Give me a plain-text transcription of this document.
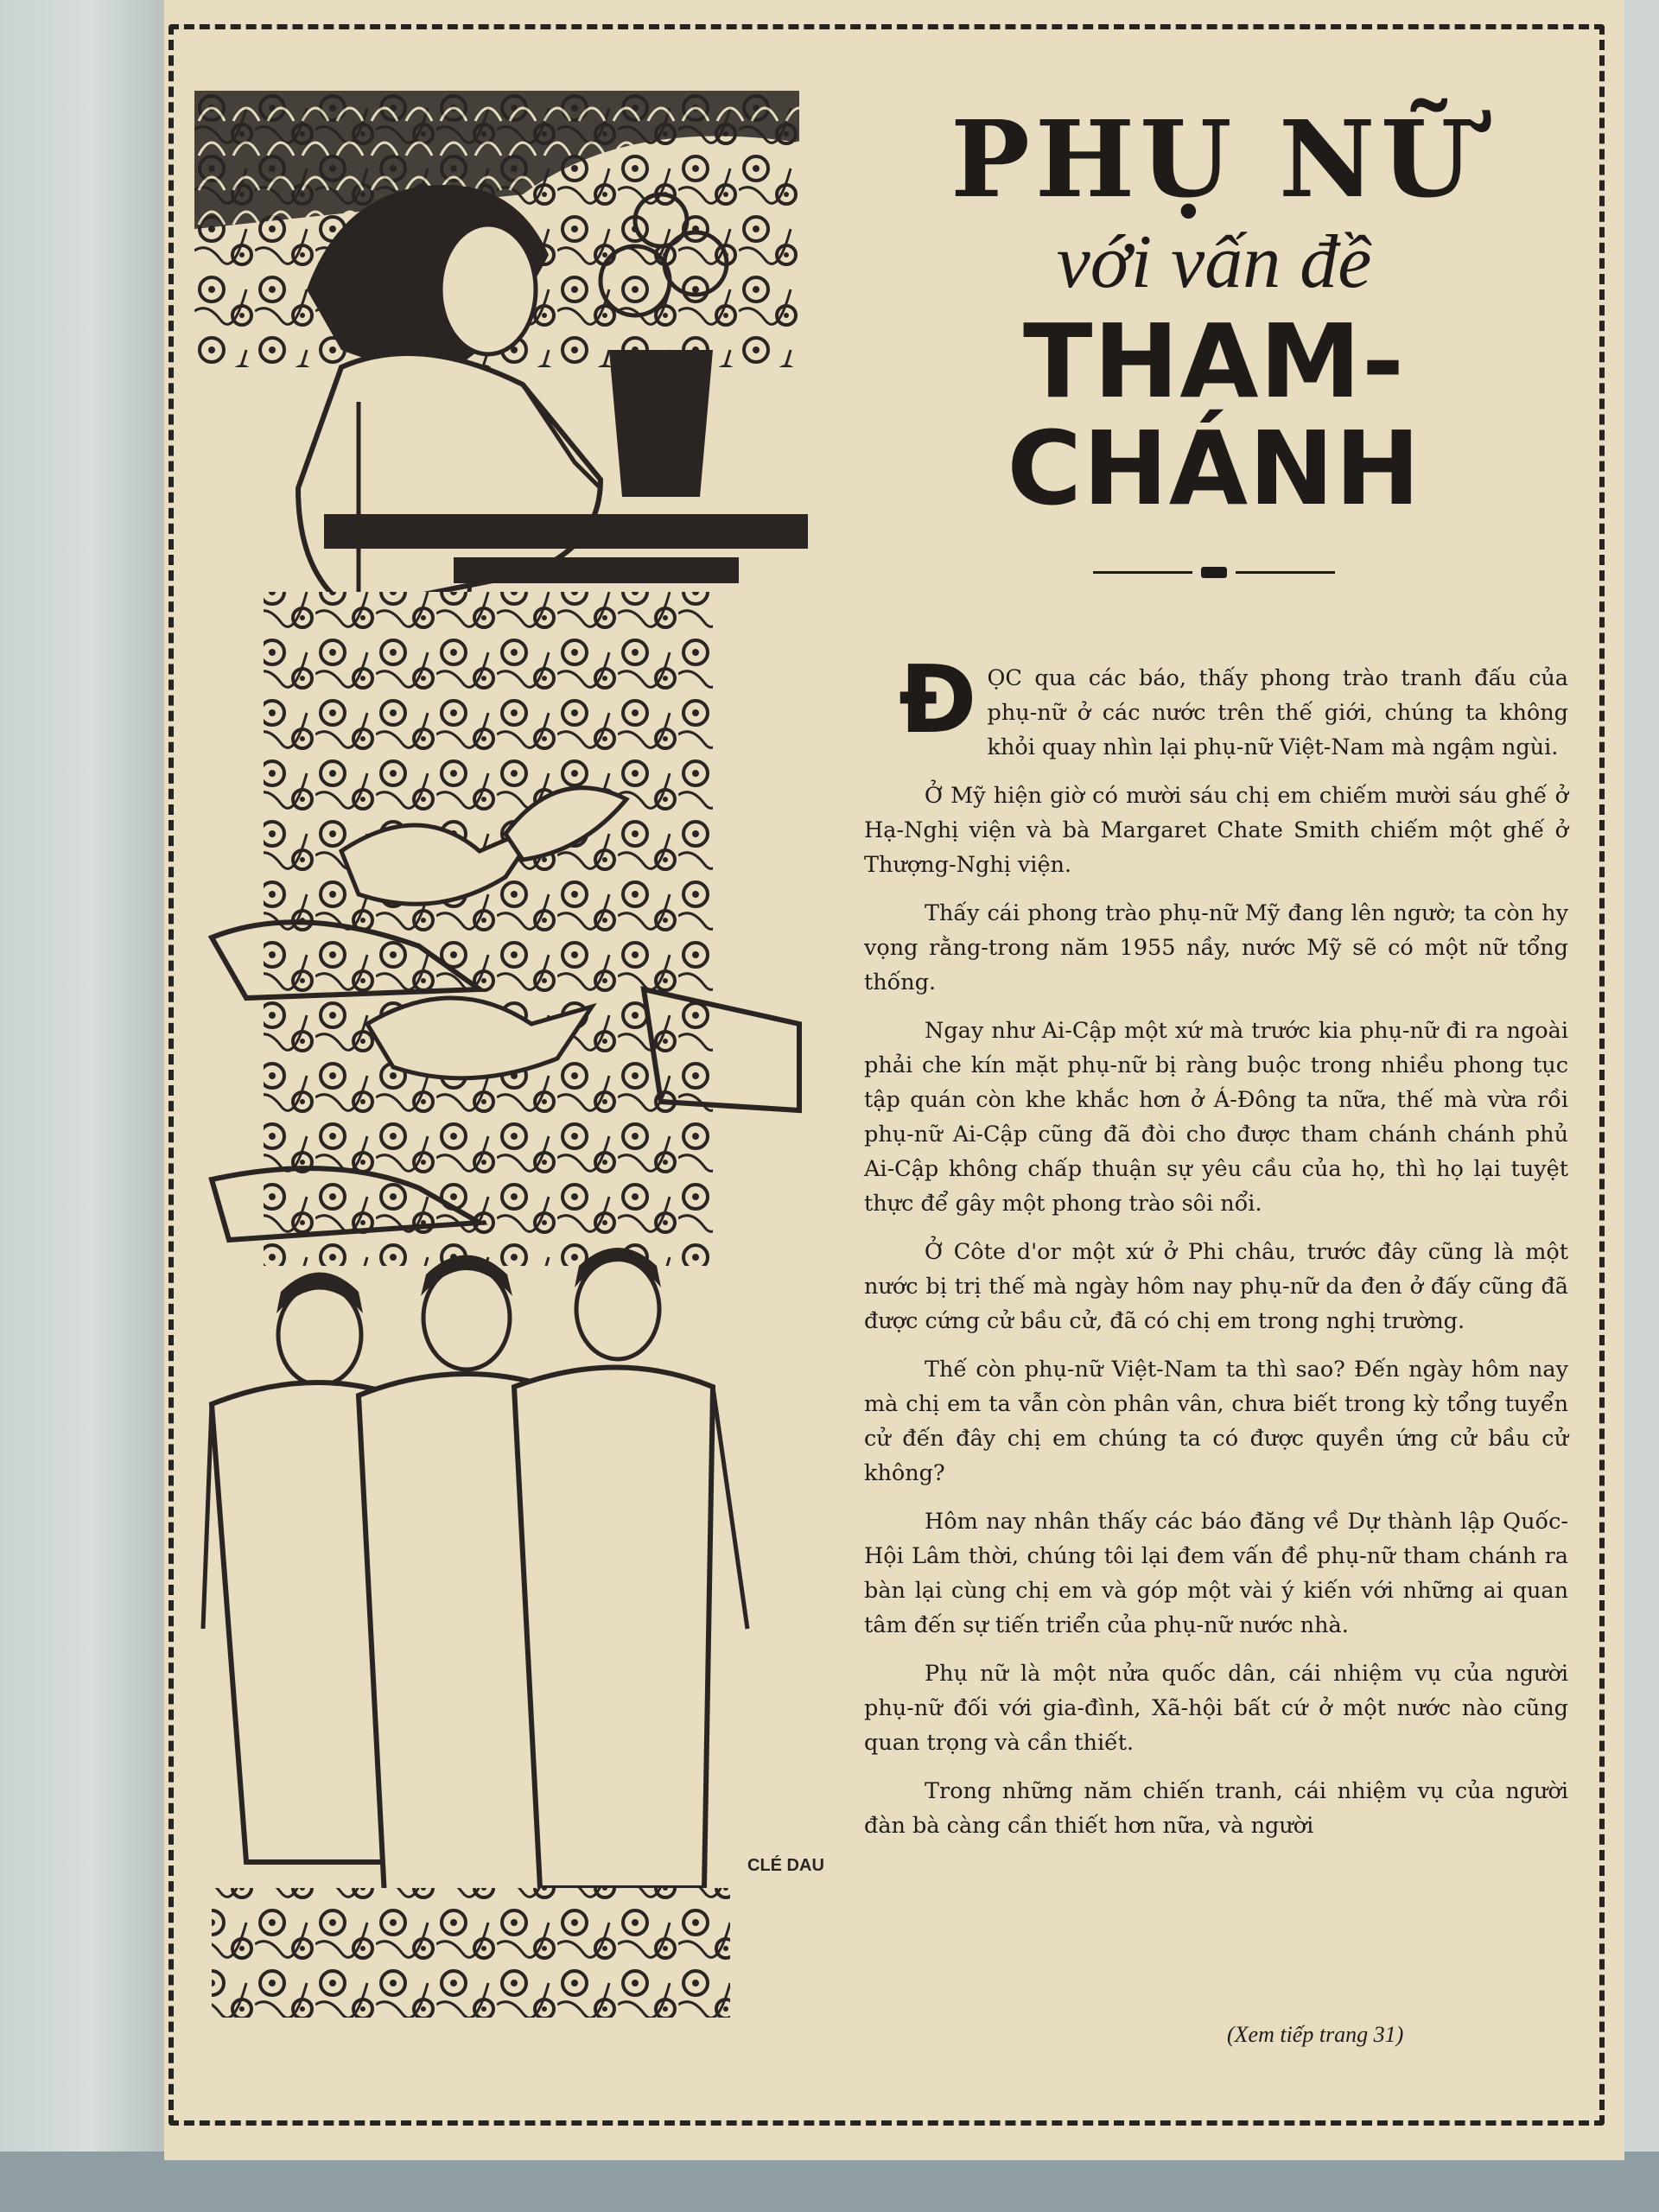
CLÉ DAU
PHỤ NỮ
với vấn đề
THAM-CHÁNH

ĐỌC qua các báo, thấy phong trào tranh đấu của phụ-nữ ở các nước trên thế giới, chúng ta không khỏi quay nhìn lại phụ-nữ Việt-Nam mà ngậm ngùi.

Ở Mỹ hiện giờ có mười sáu chị em chiếm mười sáu ghế ở Hạ-Nghị viện và bà Margaret Chate Smith chiếm một ghế ở Thượng-Nghị viện.

Thấy cái phong trào phụ-nữ Mỹ đang lên ngườ; ta còn hy vọng rằng-trong năm 1955 nầy, nước Mỹ sẽ có một nữ tổng thống.

Ngay như Ai-Cập một xứ mà trước kia phụ-nữ đi ra ngoài phải che kín mặt phụ-nữ bị ràng buộc trong nhiều phong tục tập quán còn khe khắc hơn ở Á-Đông ta nữa, thế mà vừa rồi phụ-nữ Ai-Cập cũng đã đòi cho được tham chánh chánh phủ Ai-Cập không chấp thuận sự yêu cầu của họ, thì họ lại tuyệt thực để gây một phong trào sôi nổi.

Ở Côte d'or một xứ ở Phi châu, trước đây cũng là một nước bị trị thế mà ngày hôm nay phụ-nữ da đen ở đấy cũng đã được cứng cử bầu cử, đã có chị em trong nghị trường.

Thế còn phụ-nữ Việt-Nam ta thì sao? Đến ngày hôm nay mà chị em ta vẫn còn phân vân, chưa biết trong kỳ tổng tuyển cử đến đây chị em chúng ta có được quyền ứng cử bầu cử không?

Hôm nay nhân thấy các báo đăng về Dự thành lập Quốc-Hội Lâm thời, chúng tôi lại đem vấn đề phụ-nữ tham chánh ra bàn lại cùng chị em và góp một vài ý kiến với những ai quan tâm đến sự tiến triển của phụ-nữ nước nhà.

Phụ nữ là một nửa quốc dân, cái nhiệm vụ của người phụ-nữ đối với gia-đình, Xã-hội bất cứ ở một nước nào cũng quan trọng và cần thiết.

Trong những năm chiến tranh, cái nhiệm vụ của người đàn bà càng cần thiết hơn nữa, và người

(Xem tiếp trang 31)
